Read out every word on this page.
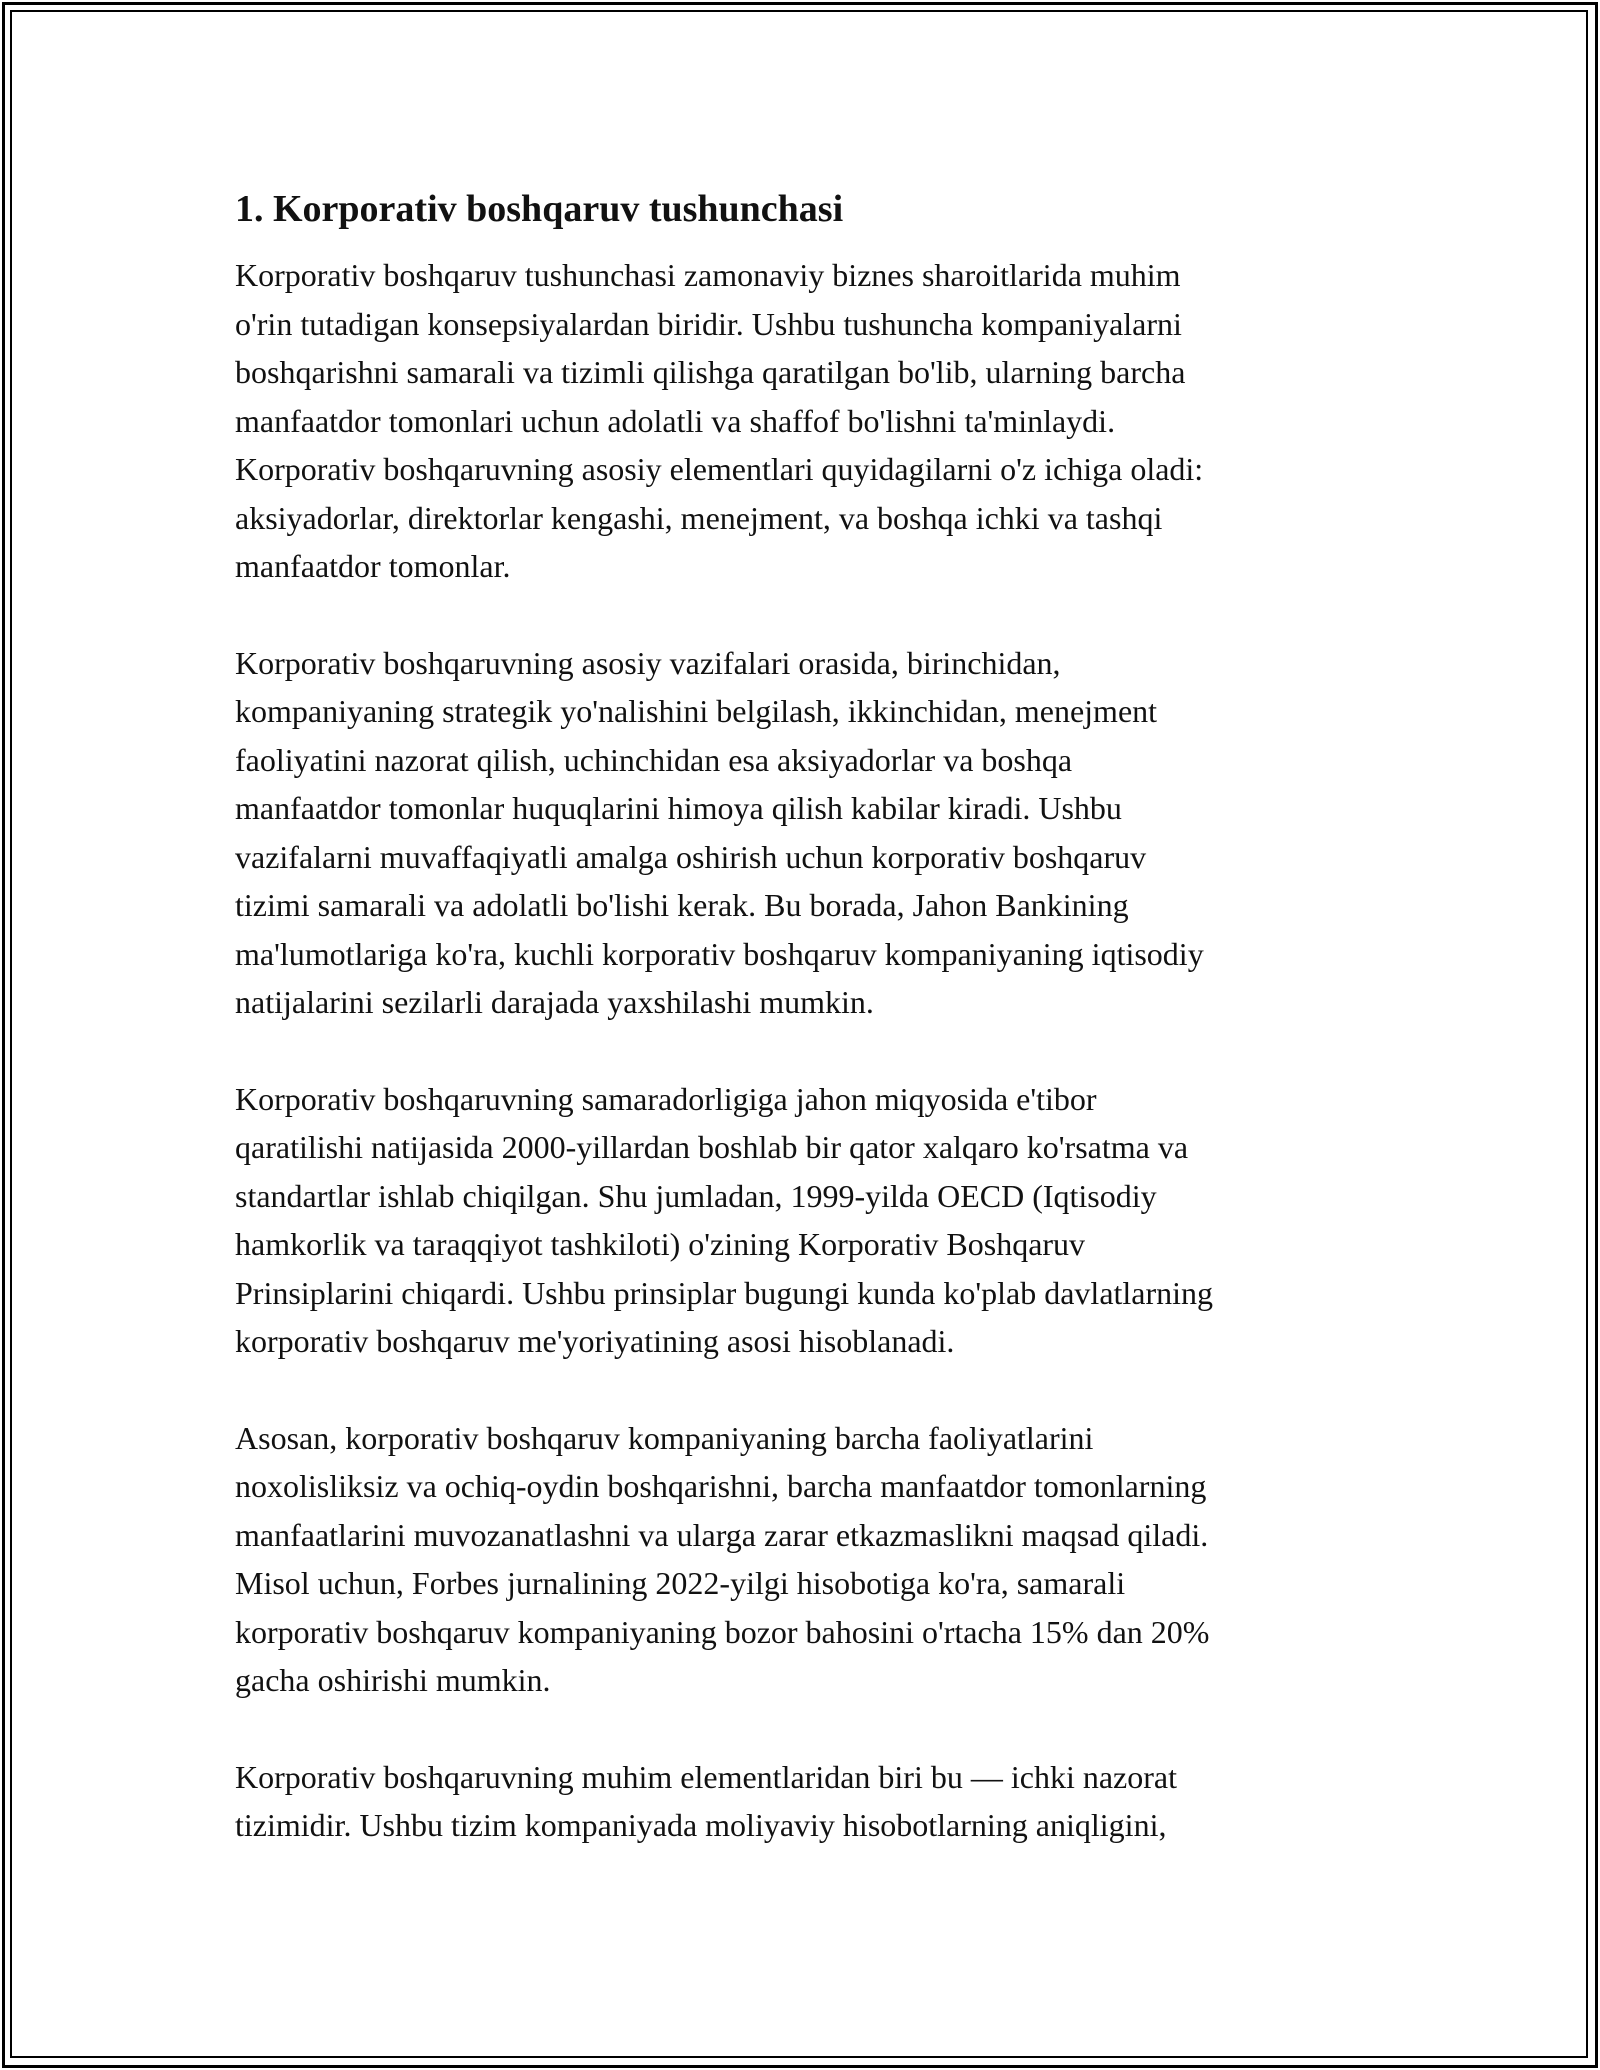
1. Korporativ boshqaruv tushunchasi
Korporativ boshqaruv tushunchasi zamonaviy biznes sharoitlarida muhim
o'rin tutadigan konsepsiyalardan biridir. Ushbu tushuncha kompaniyalarni
boshqarishni samarali va tizimli qilishga qaratilgan bo'lib, ularning barcha
manfaatdor tomonlari uchun adolatli va shaffof bo'lishni ta'minlaydi.
Korporativ boshqaruvning asosiy elementlari quyidagilarni o'z ichiga oladi:
aksiyadorlar, direktorlar kengashi, menejment, va boshqa ichki va tashqi
manfaatdor tomonlar.
Korporativ boshqaruvning asosiy vazifalari orasida, birinchidan,
kompaniyaning strategik yo'nalishini belgilash, ikkinchidan, menejment
faoliyatini nazorat qilish, uchinchidan esa aksiyadorlar va boshqa
manfaatdor tomonlar huquqlarini himoya qilish kabilar kiradi. Ushbu
vazifalarni muvaffaqiyatli amalga oshirish uchun korporativ boshqaruv
tizimi samarali va adolatli bo'lishi kerak. Bu borada, Jahon Bankining
ma'lumotlariga ko'ra, kuchli korporativ boshqaruv kompaniyaning iqtisodiy
natijalarini sezilarli darajada yaxshilashi mumkin.
Korporativ boshqaruvning samaradorligiga jahon miqyosida e'tibor
qaratilishi natijasida 2000-yillardan boshlab bir qator xalqaro ko'rsatma va
standartlar ishlab chiqilgan. Shu jumladan, 1999-yilda OECD (Iqtisodiy
hamkorlik va taraqqiyot tashkiloti) o'zining Korporativ Boshqaruv
Prinsiplarini chiqardi. Ushbu prinsiplar bugungi kunda ko'plab davlatlarning
korporativ boshqaruv me'yoriyatining asosi hisoblanadi.
Asosan, korporativ boshqaruv kompaniyaning barcha faoliyatlarini
noxolisliksiz va ochiq-oydin boshqarishni, barcha manfaatdor tomonlarning
manfaatlarini muvozanatlashni va ularga zarar etkazmaslikni maqsad qiladi.
Misol uchun, Forbes jurnalining 2022-yilgi hisobotiga ko'ra, samarali
korporativ boshqaruv kompaniyaning bozor bahosini o'rtacha 15% dan 20%
gacha oshirishi mumkin.
Korporativ boshqaruvning muhim elementlaridan biri bu — ichki nazorat
tizimidir. Ushbu tizim kompaniyada moliyaviy hisobotlarning aniqligini,
